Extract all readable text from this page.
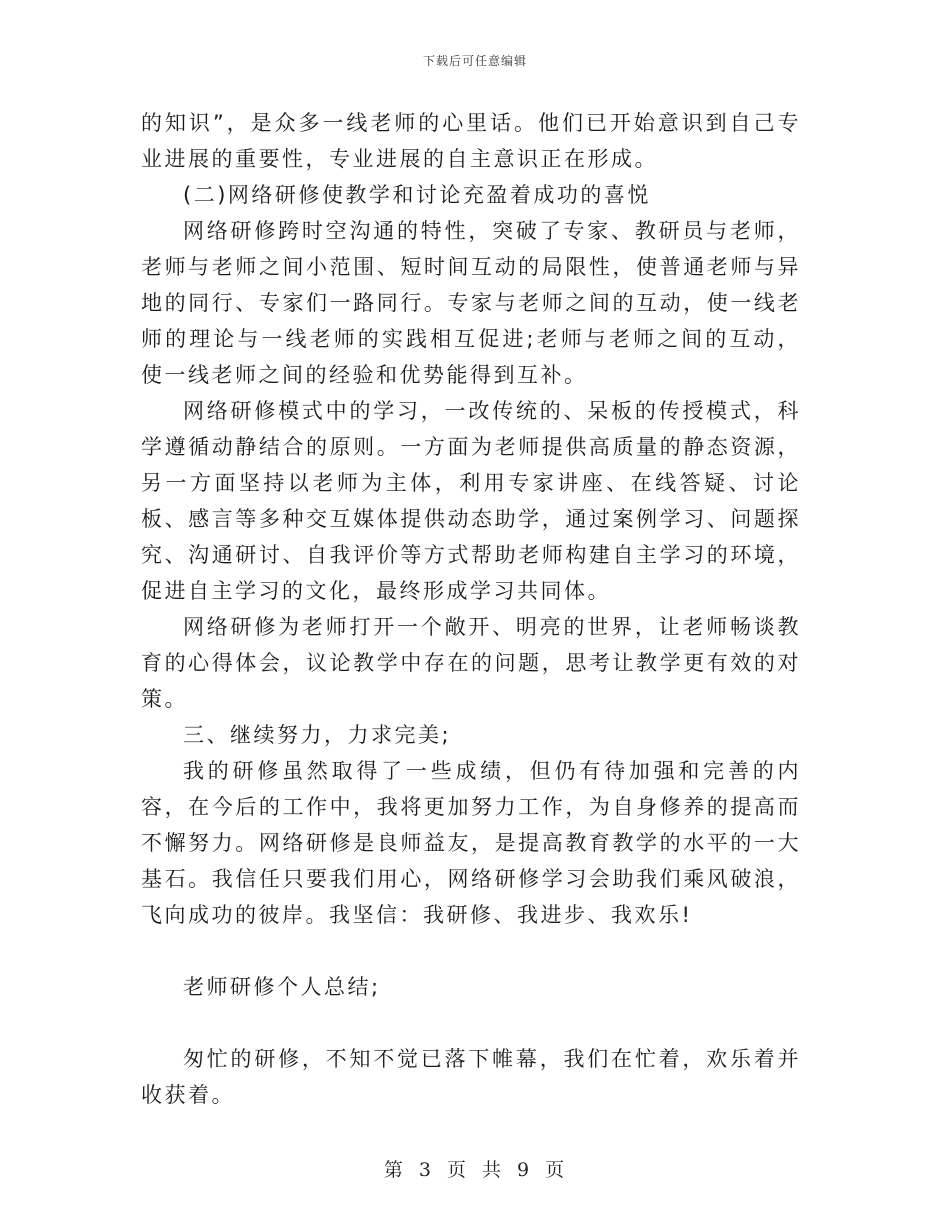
下载后可任意编辑

的知识”，是众多一线老师的心里话。他们已开始意识到自己专业进展的重要性，专业进展的自主意识正在形成。

(二)网络研修使教学和讨论充盈着成功的喜悦

网络研修跨时空沟通的特性，突破了专家、教研员与老师，老师与老师之间小范围、短时间互动的局限性，使普通老师与异地的同行、专家们一路同行。专家与老师之间的互动，使一线老师的理论与一线老师的实践相互促进;老师与老师之间的互动，使一线老师之间的经验和优势能得到互补。

网络研修模式中的学习，一改传统的、呆板的传授模式，科学遵循动静结合的原则。一方面为老师提供高质量的静态资源，另一方面坚持以老师为主体，利用专家讲座、在线答疑、讨论板、感言等多种交互媒体提供动态助学，通过案例学习、问题探究、沟通研讨、自我评价等方式帮助老师构建自主学习的环境，促进自主学习的文化，最终形成学习共同体。

网络研修为老师打开一个敞开、明亮的世界，让老师畅谈教育的心得体会，议论教学中存在的问题，思考让教学更有效的对策。

三、继续努力，力求完美;

我的研修虽然取得了一些成绩，但仍有待加强和完善的内容，在今后的工作中，我将更加努力工作，为自身修养的提高而不懈努力。网络研修是良师益友，是提高教育教学的水平的一大基石。我信任只要我们用心，网络研修学习会助我们乘风破浪，飞向成功的彼岸。我坚信：我研修、我进步、我欢乐!

老师研修个人总结;

匆忙的研修，不知不觉已落下帷幕，我们在忙着，欢乐着并收获着。

第 3 页 共 9 页
